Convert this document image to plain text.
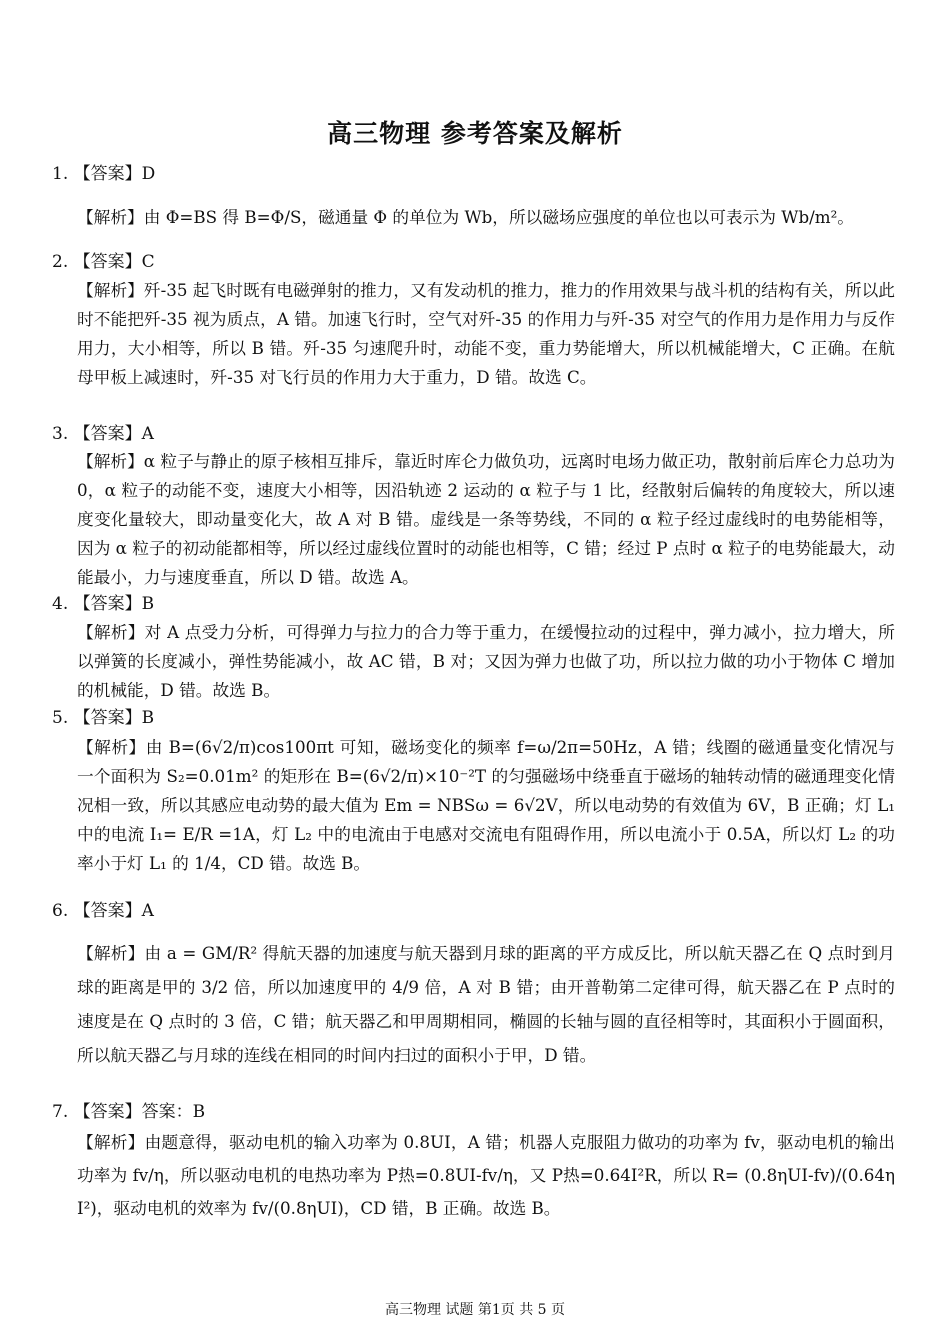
高三物理 参考答案及解析
1. 【答案】D
【解析】由 Φ=BS 得 B=Φ/S，磁通量 Φ 的单位为 Wb，所以磁场应强度的单位也以可表示为 Wb/m²。
2. 【答案】C
【解析】歼-35 起飞时既有电磁弹射的推力，又有发动机的推力，推力的作用效果与战斗机的结构有关，所以此时不能把歼-35 视为质点，A 错。加速飞行时，空气对歼-35 的作用力与歼-35 对空气的作用力是作用力与反作用力，大小相等，所以 B 错。歼-35 匀速爬升时，动能不变，重力势能增大，所以机械能增大，C 正确。在航母甲板上减速时，歼-35 对飞行员的作用力大于重力，D 错。故选 C。
3. 【答案】A
【解析】α 粒子与静止的原子核相互排斥，靠近时库仑力做负功，远离时电场力做正功，散射前后库仑力总功为 0，α 粒子的动能不变，速度大小相等，因沿轨迹 2 运动的 α 粒子与 1 比，经散射后偏转的角度较大，所以速度变化量较大，即动量变化大，故 A 对 B 错。虚线是一条等势线，不同的 α 粒子经过虚线时的电势能相等，因为 α 粒子的初动能都相等，所以经过虚线位置时的动能也相等，C 错；经过 P 点时 α 粒子的电势能最大，动能最小，力与速度垂直，所以 D 错。故选 A。
4. 【答案】B
【解析】对 A 点受力分析，可得弹力与拉力的合力等于重力，在缓慢拉动的过程中，弹力减小，拉力增大，所以弹簧的长度减小，弹性势能减小，故 AC 错，B 对；又因为弹力也做了功，所以拉力做的功小于物体 C 增加的机械能，D 错。故选 B。
5. 【答案】B
【解析】由 B=(6√2/π)cos100πt 可知，磁场变化的频率 f=ω/2π=50Hz，A 错；线圈的磁通量变化情况与一个面积为 S₂=0.01m² 的矩形在 B=(6√2/π)×10⁻²T 的匀强磁场中绕垂直于磁场的轴转动情的磁通理变化情况相一致，所以其感应电动势的最大值为 Em = NBSω = 6√2V，所以电动势的有效值为 6V，B 正确；灯 L₁ 中的电流 I₁= E/R =1A，灯 L₂ 中的电流由于电感对交流电有阻碍作用，所以电流小于 0.5A，所以灯 L₂ 的功率小于灯 L₁ 的 1/4，CD 错。故选 B。
6. 【答案】A
【解析】由 a = GM/R² 得航天器的加速度与航天器到月球的距离的平方成反比，所以航天器乙在 Q 点时到月球的距离是甲的 3/2 倍，所以加速度甲的 4/9 倍，A 对 B 错；由开普勒第二定律可得，航天器乙在 P 点时的速度是在 Q 点时的 3 倍，C 错；航天器乙和甲周期相同，椭圆的长轴与圆的直径相等时，其面积小于圆面积，所以航天器乙与月球的连线在相同的时间内扫过的面积小于甲，D 错。
7. 【答案】答案：B
【解析】由题意得，驱动电机的输入功率为 0.8UI，A 错；机器人克服阻力做功的功率为 fv，驱动电机的输出功率为 fv/η，所以驱动电机的电热功率为 P热=0.8UI-fv/η，又 P热=0.64I²R，所以 R= (0.8ηUI-fv)/(0.64ηI²)，驱动电机的效率为 fv/(0.8ηUI)，CD 错，B 正确。故选 B。
高三物理 试题 第1页 共 5 页
